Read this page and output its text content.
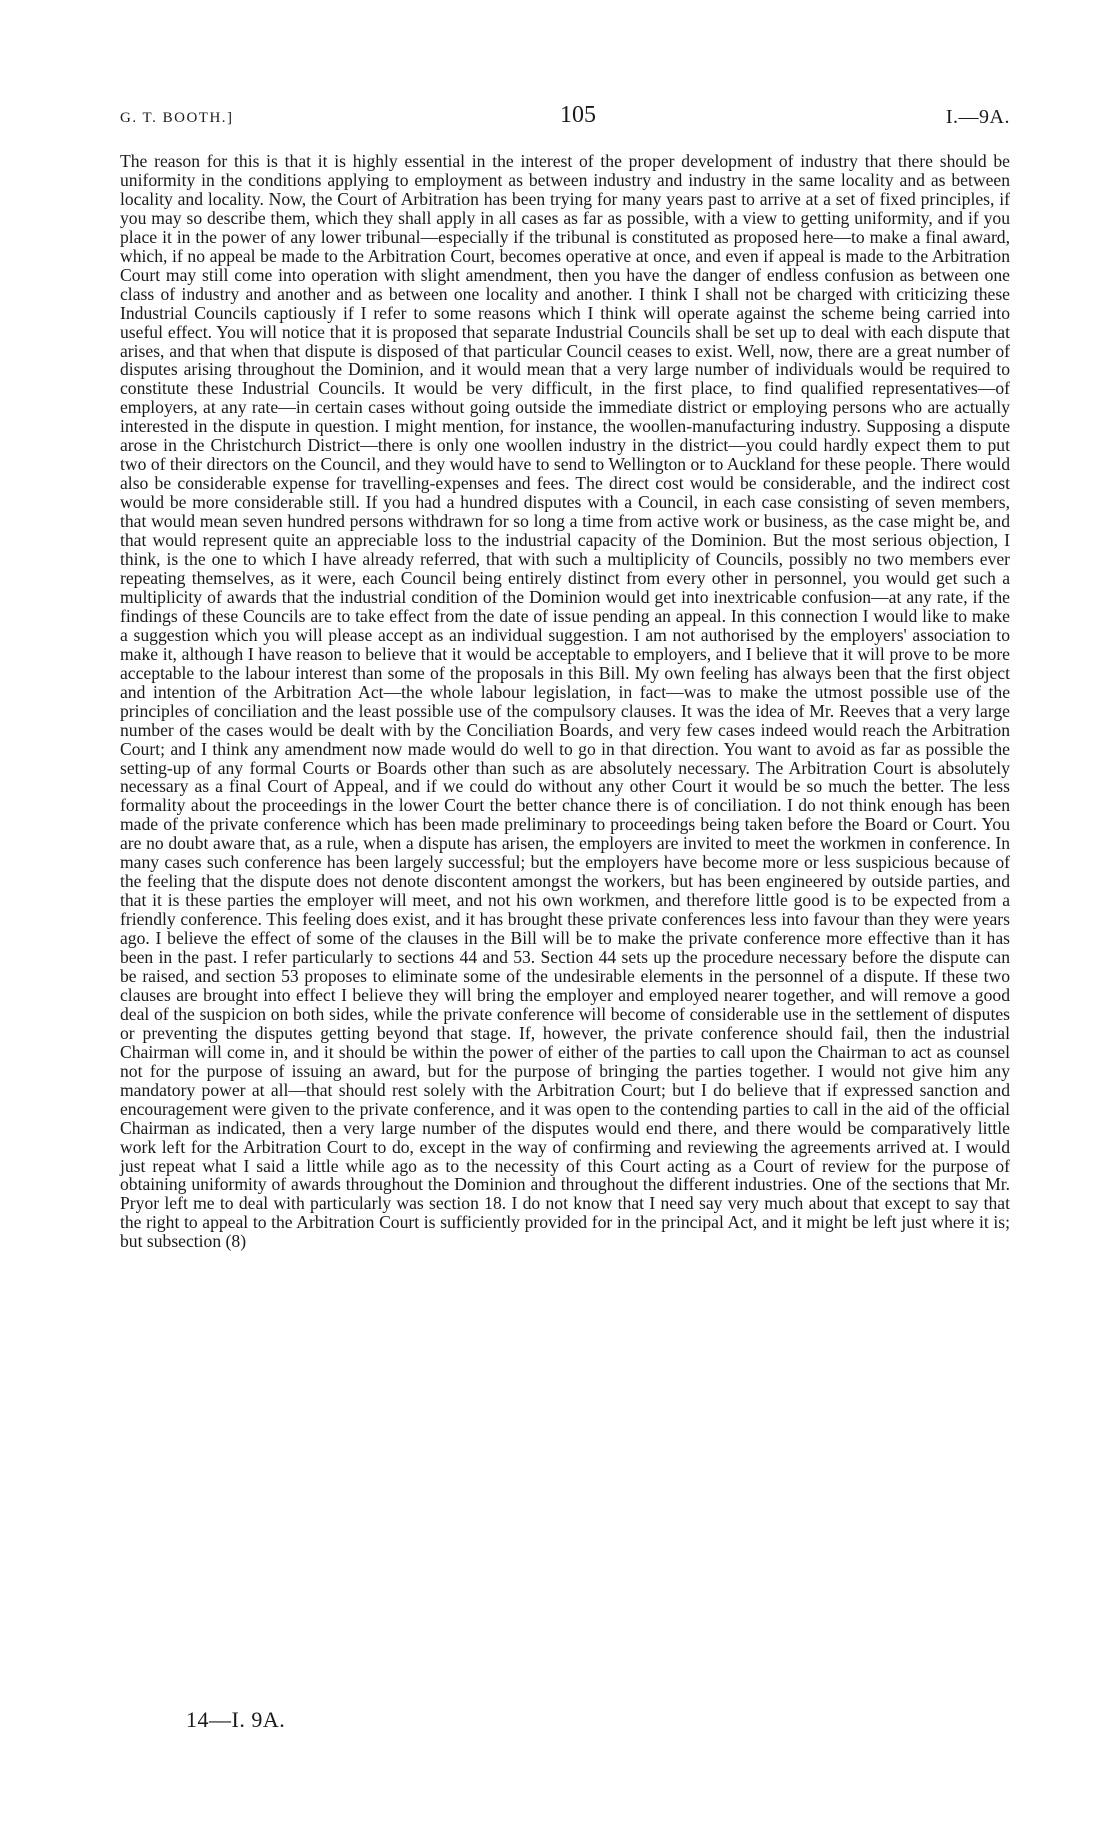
G. T. BOOTH.]	105	I.—9A.

The reason for this is that it is highly essential in the interest of the proper development of industry that there should be uniformity in the conditions applying to employment as between industry and industry in the same locality and as between locality and locality. Now, the Court of Arbitration has been trying for many years past to arrive at a set of fixed principles, if you may so describe them, which they shall apply in all cases as far as possible, with a view to getting uniformity, and if you place it in the power of any lower tribunal—especially if the tribunal is constituted as proposed here—to make a final award, which, if no appeal be made to the Arbitration Court, becomes operative at once, and even if appeal is made to the Arbitration Court may still come into operation with slight amendment, then you have the danger of endless confusion as between one class of industry and another and as between one locality and another. I think I shall not be charged with criticizing these Industrial Councils captiously if I refer to some reasons which I think will operate against the scheme being carried into useful effect. You will notice that it is proposed that separate Industrial Councils shall be set up to deal with each dispute that arises, and that when that dispute is disposed of that particular Council ceases to exist. Well, now, there are a great number of disputes arising throughout the Dominion, and it would mean that a very large number of individuals would be required to constitute these Industrial Councils. It would be very difficult, in the first place, to find qualified representatives—of employers, at any rate—in certain cases without going outside the immediate district or employing persons who are actually interested in the dispute in question. I might mention, for instance, the woollen-manufacturing industry. Supposing a dispute arose in the Christchurch District—there is only one woollen industry in the district—you could hardly expect them to put two of their directors on the Council, and they would have to send to Wellington or to Auckland for these people. There would also be considerable expense for travelling-expenses and fees. The direct cost would be considerable, and the indirect cost would be more considerable still. If you had a hundred disputes with a Council, in each case consisting of seven members, that would mean seven hundred persons withdrawn for so long a time from active work or business, as the case might be, and that would represent quite an appreciable loss to the industrial capacity of the Dominion. But the most serious objection, I think, is the one to which I have already referred, that with such a multiplicity of Councils, possibly no two members ever repeating themselves, as it were, each Council being entirely distinct from every other in personnel, you would get such a multiplicity of awards that the industrial condition of the Dominion would get into inextricable confusion—at any rate, if the findings of these Councils are to take effect from the date of issue pending an appeal. In this connection I would like to make a suggestion which you will please accept as an individual suggestion. I am not authorised by the employers' association to make it, although I have reason to believe that it would be acceptable to employers, and I believe that it will prove to be more acceptable to the labour interest than some of the proposals in this Bill. My own feeling has always been that the first object and intention of the Arbitration Act—the whole labour legislation, in fact—was to make the utmost possible use of the principles of conciliation and the least possible use of the compulsory clauses. It was the idea of Mr. Reeves that a very large number of the cases would be dealt with by the Conciliation Boards, and very few cases indeed would reach the Arbitration Court; and I think any amendment now made would do well to go in that direction. You want to avoid as far as possible the setting-up of any formal Courts or Boards other than such as are absolutely necessary. The Arbitration Court is absolutely necessary as a final Court of Appeal, and if we could do without any other Court it would be so much the better. The less formality about the proceedings in the lower Court the better chance there is of conciliation. I do not think enough has been made of the private conference which has been made preliminary to proceedings being taken before the Board or Court. You are no doubt aware that, as a rule, when a dispute has arisen, the employers are invited to meet the workmen in conference. In many cases such conference has been largely successful; but the employers have become more or less suspicious because of the feeling that the dispute does not denote discontent amongst the workers, but has been engineered by outside parties, and that it is these parties the employer will meet, and not his own workmen, and therefore little good is to be expected from a friendly conference. This feeling does exist, and it has brought these private conferences less into favour than they were years ago. I believe the effect of some of the clauses in the Bill will be to make the private conference more effective than it has been in the past. I refer particularly to sections 44 and 53. Section 44 sets up the procedure necessary before the dispute can be raised, and section 53 proposes to eliminate some of the undesirable elements in the personnel of a dispute. If these two clauses are brought into effect I believe they will bring the employer and employed nearer together, and will remove a good deal of the suspicion on both sides, while the private conference will become of considerable use in the settlement of disputes or preventing the disputes getting beyond that stage. If, however, the private conference should fail, then the industrial Chairman will come in, and it should be within the power of either of the parties to call upon the Chairman to act as counsel not for the purpose of issuing an award, but for the purpose of bringing the parties together. I would not give him any mandatory power at all—that should rest solely with the Arbitration Court; but I do believe that if expressed sanction and encouragement were given to the private conference, and it was open to the contending parties to call in the aid of the official Chairman as indicated, then a very large number of the disputes would end there, and there would be comparatively little work left for the Arbitration Court to do, except in the way of confirming and reviewing the agreements arrived at. I would just repeat what I said a little while ago as to the necessity of this Court acting as a Court of review for the purpose of obtaining uniformity of awards throughout the Dominion and throughout the different industries. One of the sections that Mr. Pryor left me to deal with particularly was section 18. I do not know that I need say very much about that except to say that the right to appeal to the Arbitration Court is sufficiently provided for in the principal Act, and it might be left just where it is; but subsection (8)

14—I. 9A.
